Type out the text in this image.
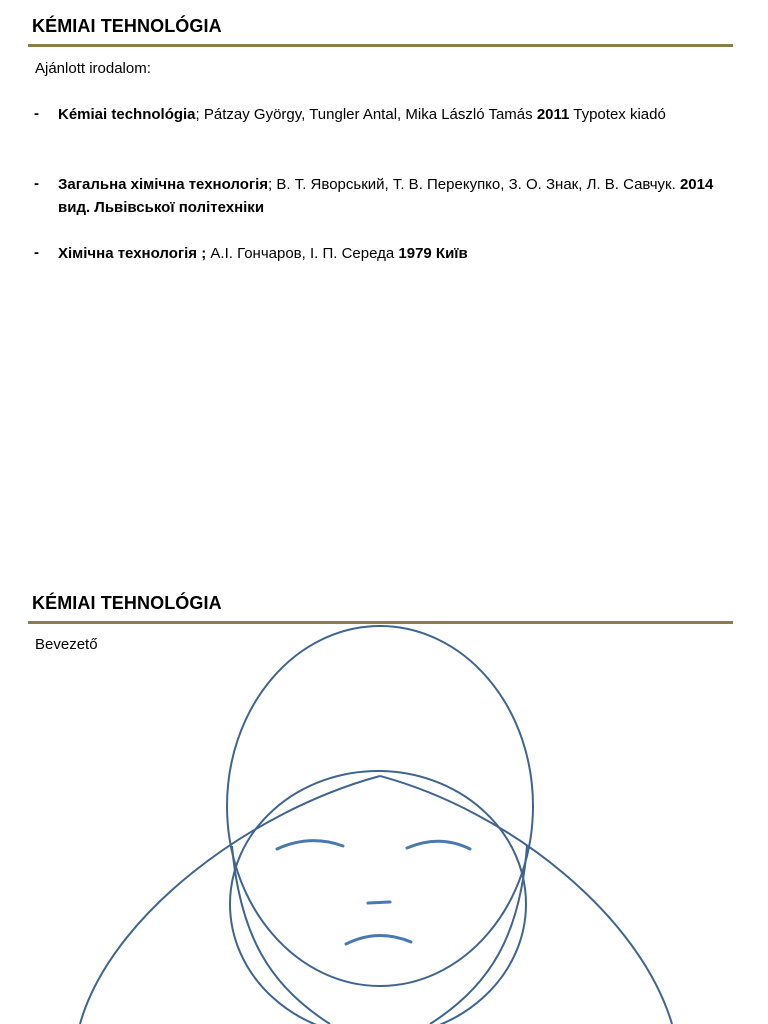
KÉMIAI TEHNOLÓGIA
Ajánlott irodalom:
- Kémiai technológia; Pátzay György, Tungler Antal, Mika László Tamás 2011 Typotex kiadó
- Загальна хімічна технологія; В. Т. Яворський, Т. В. Перекупко, З. О. Знак, Л. В. Савчук. 2014 вид. Львівської політехніки
- Хімічна технологія ; А.І. Гончаров, І. П. Середа 1979 Київ
KÉMIAI TEHNOLÓGIA
Bevezető
